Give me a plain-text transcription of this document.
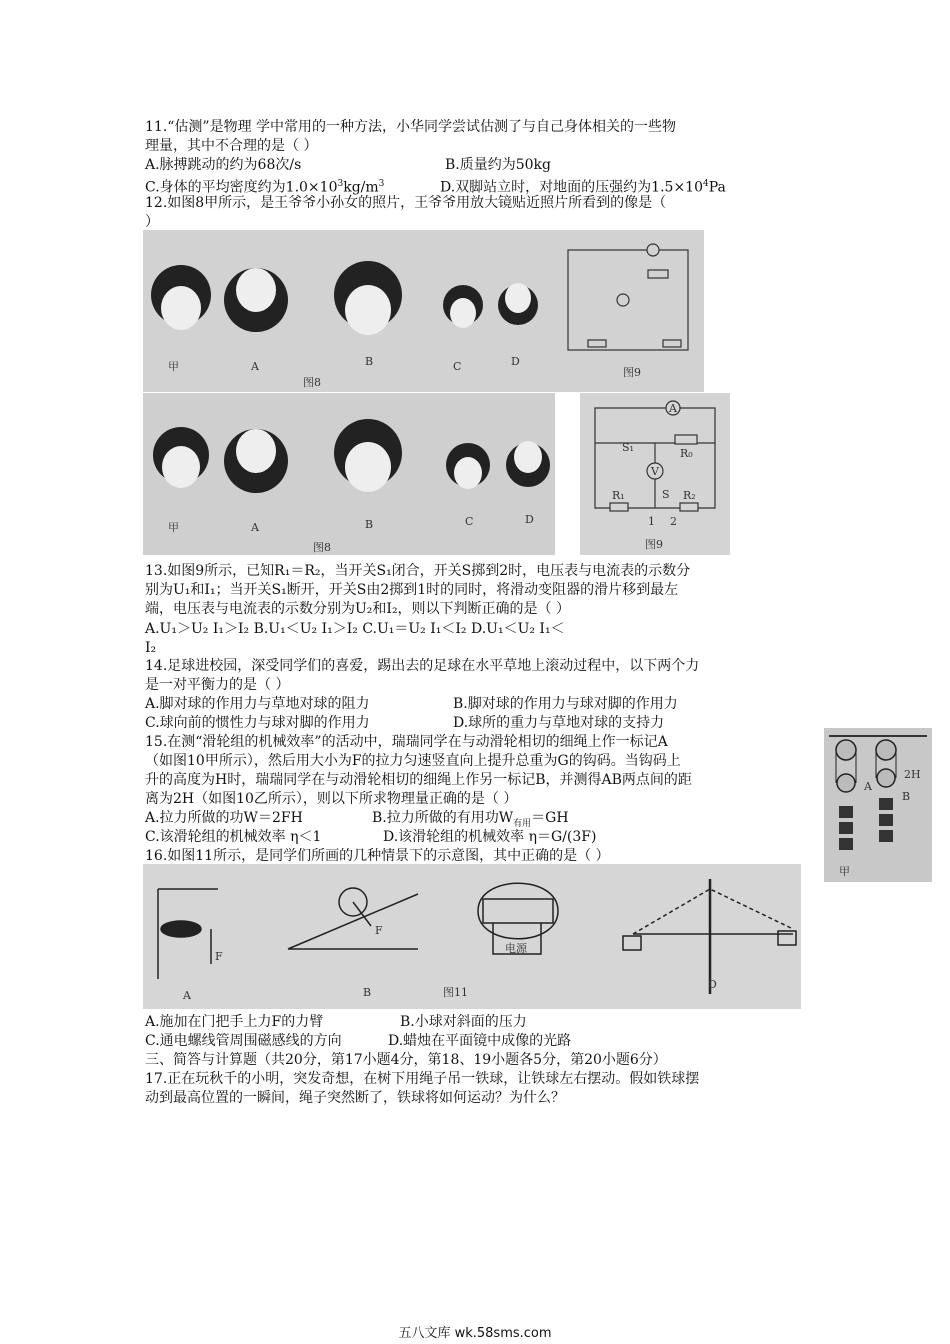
11.“估测”是物理 学中常用的一种方法，小华同学尝试估测了与自己身体相关的一些物
理量，其中不合理的是（ ）
A.脉搏跳动的约为68次/s	B.质量约为50kg
C.身体的平均密度约为$1.0\times 10^3kg/m^3$	D.双脚站立时，对地面的压强约为$1.5\times 10^4Pa$
12.如图8甲所示，是王爷爷小孙女的照片，王爷爷用放大镜贴近照片所看到的像是（
）
甲	A	B	C	D
图8
图9
甲	A	B	C	D
图8
A
V
S₁	R₀
S
R₁	R₂
1 2
图9
13.如图9所示，已知R₁＝R₂，当开关S₁闭合，开关S掷到2时，电压表与电流表的示数分
别为U₁和I₁；当开关S₁断开，开关S由2掷到1时的同时，将滑动变阻器的滑片移到最左
端，电压表与电流表的示数分别为U₂和I₂，则以下判断正确的是（ ）
A.U₁＞U₂ I₁＞I₂ B.U₁＜U₂ I₁＞I₂ C.U₁＝U₂ I₁＜I₂ D.U₁＜U₂ I₁＜
I₂
14.足球进校园，深受同学们的喜爱，踢出去的足球在水平草地上滚动过程中，以下两个力
是一对平衡力的是（ ）
A.脚对球的作用力与草地对球的阻力	B.脚对球的作用力与球对脚的作用力
C.球向前的惯性力与球对脚的作用力	D.球所的重力与草地对球的支持力
15.在测“滑轮组的机械效率”的活动中，瑞瑞同学在与动滑轮相切的细绳上作一标记A
（如图10甲所示），然后用大小为F的拉力匀速竖直向上提升总重为G的钩码。当钩码上
升的高度为H时，瑞瑞同学在与动滑轮相切的细绳上作另一标记B，并测得AB两点间的距
离为2H（如图10乙所示），则以下所求物理量正确的是（ ）
A.拉力所做的功W＝2FH	B.拉力所做的有用功$W_{有用}=GH$
C.该滑轮组的机械效率 η＜1	D.该滑轮组的机械效率 η＝G/(3F)
2H
B
A
甲
16.如图11所示，是同学们所画的几种情景下的示意图，其中正确的是（ ）
A	B
D
F
F
电源
图11
A.施加在门把手上力F的力臂	B.小球对斜面的压力
C.通电螺线管周围磁感线的方向	D.蜡烛在平面镜中成像的光路
三、简答与计算题（共20分，第17小题4分，第18、19小题各5分，第20小题6分）
17.正在玩秋千的小明，突发奇想，在树下用绳子吊一铁球，让铁球左右摆动。假如铁球摆
动到最高位置的一瞬间，绳子突然断了，铁球将如何运动？为什么？
五八文库 wk.58sms.com
